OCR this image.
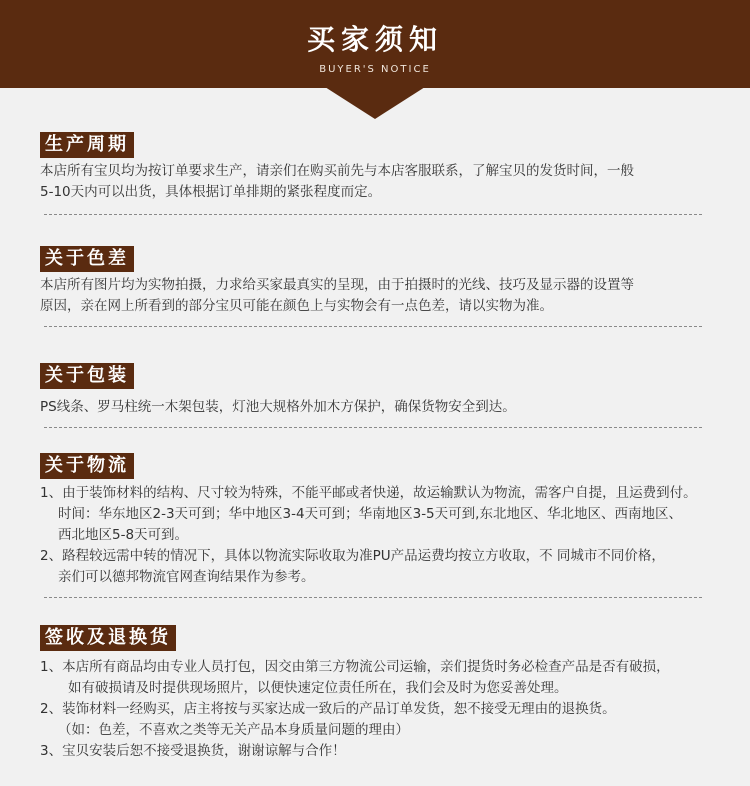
买家须知
BUYER'S NOTICE
生产周期

本店所有宝贝均为按订单要求生产，请亲们在购买前先与本店客服联系，了解宝贝的发货时间，一般

5-10天内可以出货，具体根据订单排期的紧张程度而定。

关于色差

本店所有图片均为实物拍摄，力求给买家最真实的呈现，由于拍摄时的光线、技巧及显示器的设置等

原因，亲在网上所看到的部分宝贝可能在颜色上与实物会有一点色差，请以实物为准。

关于包装

PS线条、罗马柱统一木架包装，灯池大规格外加木方保护，确保货物安全到达。

关于物流

1、由于装饰材料的结构、尺寸较为特殊，不能平邮或者快递，故运输默认为物流，需客户自提，且运费到付。

时间：华东地区2-3天可到；华中地区3-4天可到；华南地区3-5天可到,东北地区、华北地区、西南地区、

西北地区5-8天可到。

2、路程较远需中转的情况下，具体以物流实际收取为准PU产品运费均按立方收取，不 同城市不同价格，

亲们可以德邦物流官网查询结果作为参考。

签收及退换货

1、本店所有商品均由专业人员打包，因交由第三方物流公司运输，亲们提货时务必检查产品是否有破损，

如有破损请及时提供现场照片，以便快速定位责任所在，我们会及时为您妥善处理。

2、装饰材料一经购买，店主将按与买家达成一致后的产品订单发货，恕不接受无理由的退换货。

（如：色差，不喜欢之类等无关产品本身质量问题的理由）

3、宝贝安装后恕不接受退换货，谢谢谅解与合作！
